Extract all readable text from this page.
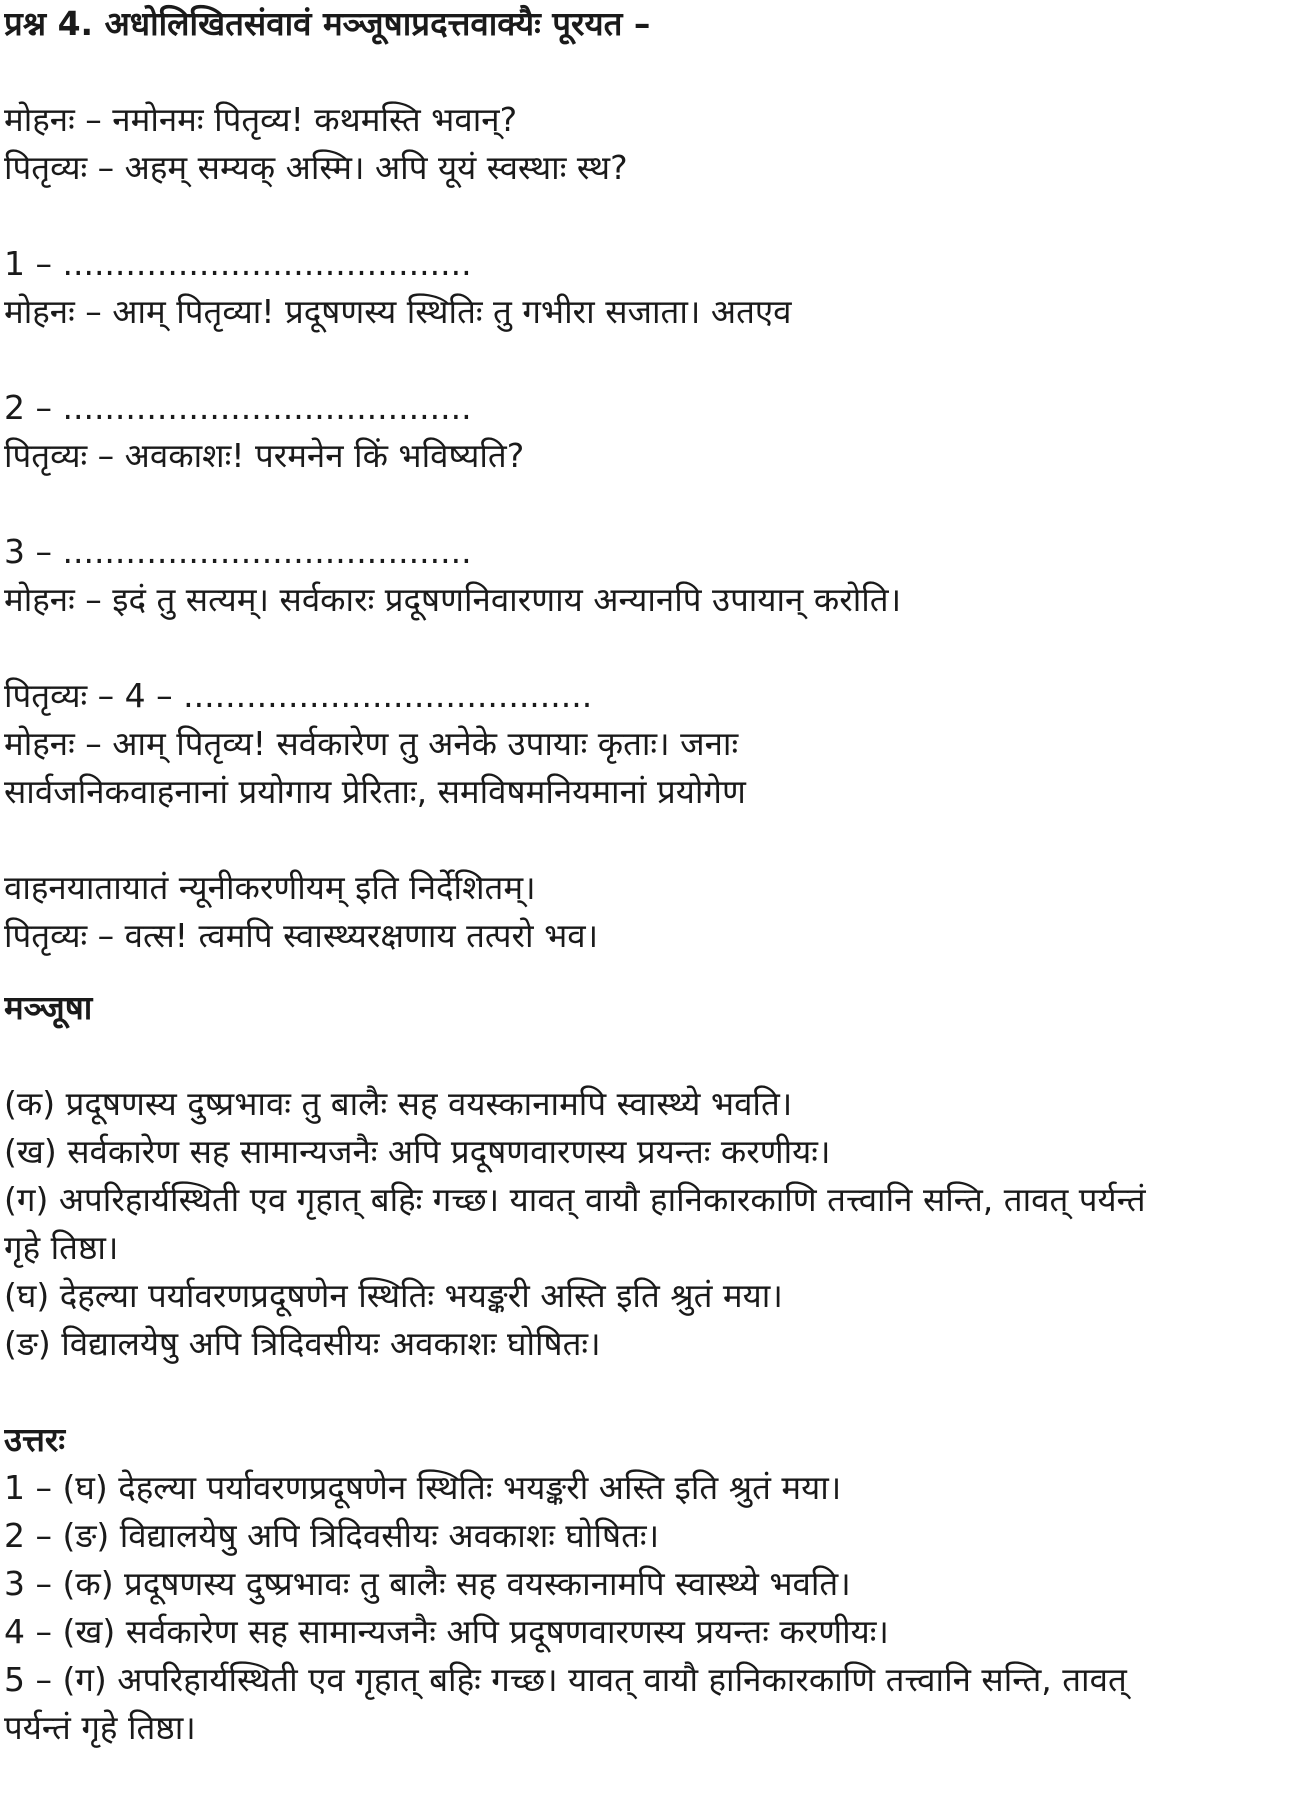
प्रश्न 4. अधोलिखितसंवावं मञ्जूषाप्रदत्तवाक्यैः पूरयत –
मोहनः – नमोनमः पितृव्य! कथमस्ति भवान्?
पितृव्यः – अहम् सम्यक् अस्मि। अपि यूयं स्वस्थाः स्थ?
1 – .......................................
मोहनः – आम् पितृव्या! प्रदूषणस्य स्थितिः तु गभीरा सजाता। अतएव
2 – .......................................
पितृव्यः – अवकाशः! परमनेन किं भविष्यति?
3 – .......................................
मोहनः – इदं तु सत्यम्। सर्वकारः प्रदूषणनिवारणाय अन्यानपि उपायान् करोति।
पितृव्यः – 4 – .......................................
मोहनः – आम् पितृव्य! सर्वकारेण तु अनेके उपायाः कृताः। जनाः
सार्वजनिकवाहनानां प्रयोगाय प्रेरिताः, समविषमनियमानां प्रयोगेण
वाहनयातायातं न्यूनीकरणीयम् इति निर्देशितम्।
पितृव्यः – वत्स! त्वमपि स्वास्थ्यरक्षणाय तत्परो भव।
मञ्जूषा
(क) प्रदूषणस्य दुष्प्रभावः तु बालैः सह वयस्कानामपि स्वास्थ्ये भवति।
(ख) सर्वकारेण सह सामान्यजनैः अपि प्रदूषणवारणस्य प्रयन्तः करणीयः।
(ग) अपरिहार्यस्थिती एव गृहात् बहिः गच्छ। यावत् वायौ हानिकारकाणि तत्त्वानि सन्ति, तावत् पर्यन्तं
गृहे तिष्ठा।
(घ) देहल्या पर्यावरणप्रदूषणेन स्थितिः भयङ्करी अस्ति इति श्रुतं मया।
(ङ) विद्यालयेषु अपि त्रिदिवसीयः अवकाशः घोषितः।
उत्तरः
1 – (घ) देहल्या पर्यावरणप्रदूषणेन स्थितिः भयङ्करी अस्ति इति श्रुतं मया।
2 – (ङ) विद्यालयेषु अपि त्रिदिवसीयः अवकाशः घोषितः।
3 – (क) प्रदूषणस्य दुष्प्रभावः तु बालैः सह वयस्कानामपि स्वास्थ्ये भवति।
4 – (ख) सर्वकारेण सह सामान्यजनैः अपि प्रदूषणवारणस्य प्रयन्तः करणीयः।
5 – (ग) अपरिहार्यस्थिती एव गृहात् बहिः गच्छ। यावत् वायौ हानिकारकाणि तत्त्वानि सन्ति, तावत्
पर्यन्तं गृहे तिष्ठा।
